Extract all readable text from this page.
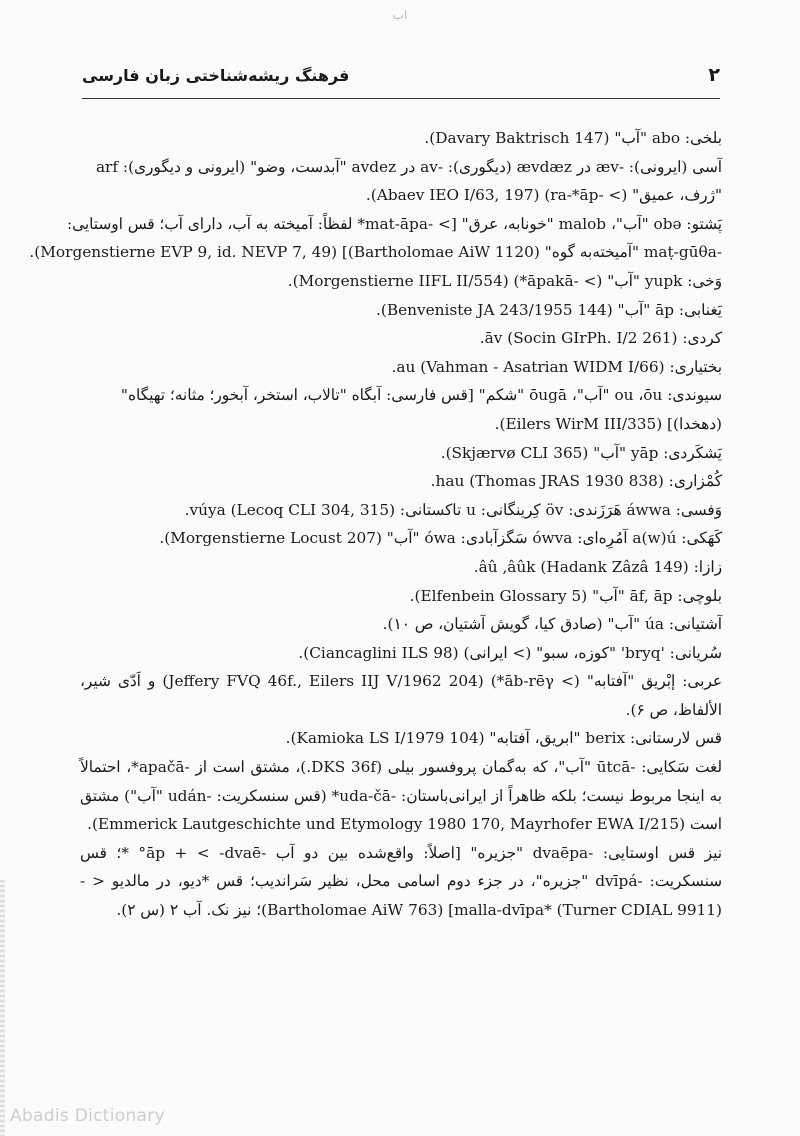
اب
۲
فرهنگ ریشه‌شناختی زبان فارسی

بلخی: abo "آب" (Davary Baktrisch 147).

آسی (ایرونی): -æv در ævdæz (دیگوری): -av در avdez "آبدست، وضو" (ایرونی و دیگوری): arf

"ژرف، عمیق" (> -ra-*āp) (Abaev IEO I/63, 197).

پَشتو: obə "آب"، malob "خونابه، عرق" [> -mat-āpa* لفظاً: آمیخته به آب، دارای آب؛ قس اوستایی:

-maṭ-gūθa "آمیخته‌به گوه" (Bartholomae AiW 1120)] (Morgenstierne EVP 9, id. NEVP 7, 49).

وَخی: yupk "آب" (> -āpakā*) (Morgenstierne IIFL II/554).

یَغنابی: āp "آب" (Benveniste JA 243/1955 144).

کردی: āv (Socin GIrPh. I/2 261).

بختیاری: au (Vahman - Asatrian WIDM I/66).

سیوندی: ou ،ōu "آب"، ōugā "شکم" [قس فارسی: آبگاه "تالاب، استخر، آبخور؛ مثانه؛ تهیگاه"

(دهخدا)] (Eilers WirM III/335).

یَشکَردی: yāp "آب" (Skjærvø CLI 365).

کُمْزاری: hau (Thomas JRAS 1930 838).

وَفسی: áwwa هَرَزَندی: öv کِرینگانی: u تاکستانی: vúya (Lecoq CLI 304, 315).

کَهَکی: a(w)ú آمُرِه‌ای: ówva سَگزآبادی: ówa "آب" (Morgenstierne Locust 207).

زازا: âû ,âûk (Hadank Zâzâ 149).

بلوچی: āf, āp "آب" (Elfenbein Glossary 5).

آشتیانی: úa "آب" (صادق کیا، گویش آشتیان، ص ۱۰).

سُریانی: 'bryq' "کوزه، سبو" (> ایرانی) (Ciancaglini ILS 98).

عربی: إبْریق "آفتابه" (> āb-rēγ*) (Jeffery FVQ 46f., Eilers IIJ V/1962 204) و اَدّی شیر، الألفاظ، ص ۶).

قس لارستانی: berix "ابریق، آفتابه" (Kamioka LS I/1979 104).

لغت سَکایی: -ūtcā "آب"، که به‌گمان پروفسور بیلی (DKS 36f.)، مشتق است از -apačā*، احتمالاً به اینجا مربوط نیست؛ بلکه ظاهراً از ایرانی‌باستان: -uda-čā* (قس سنسکریت: -udán "آب") مشتق است (Emmerick Lautgeschichte und Etymology 1980 170, Mayrhofer EWA I/215).

نیز قس اوستایی: -dvaēpa "جزیره" [اصلاً: واقع‌شده بین دو آب -āp + < -dvaē° *؛ قس سنسکریت: -dvīpá "جزیره"، در جزء دوم اسامی محل، نظیر سَراندیب؛ قس *دیو، در مالدیو < -malla-dvīpa* (Turner CDIAL 9911)] (Bartholomae AiW 763)؛ نیز نک. آب ۲ (س ۲).

Abadis Dictionary
